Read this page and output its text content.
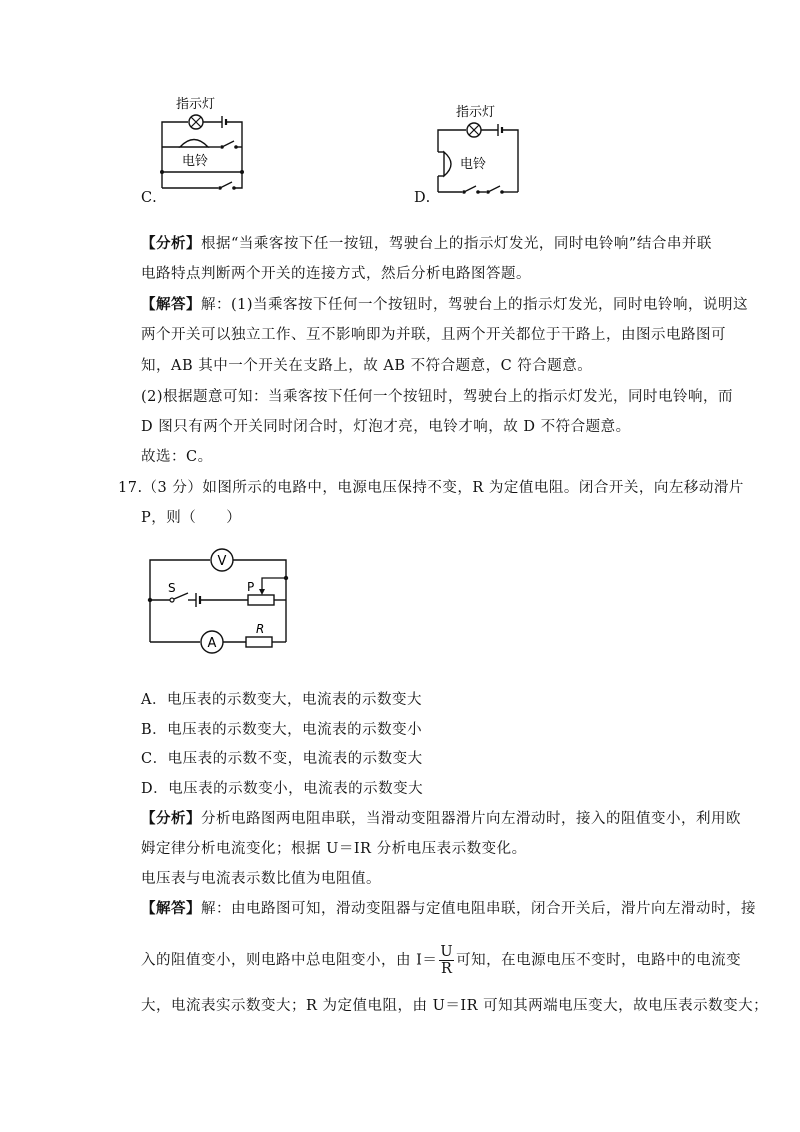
指示灯
电铃
C.
指示灯
电铃
D.
【分析】根据“当乘客按下任一按钮，驾驶台上的指示灯发光，同时电铃响”结合串并联
电路特点判断两个开关的连接方式，然后分析电路图答题。
【解答】解：(1)当乘客按下任何一个按钮时，驾驶台上的指示灯发光，同时电铃响，说明这
两个开关可以独立工作、互不影响即为并联，且两个开关都位于干路上，由图示电路图可
知，AB 其中一个开关在支路上，故 AB 不符合题意，C 符合题意。
(2)根据题意可知：当乘客按下任何一个按钮时，驾驶台上的指示灯发光，同时电铃响，而
D 图只有两个开关同时闭合时，灯泡才亮，电铃才响，故 D 不符合题意。
故选：C。
17.（3 分）如图所示的电路中，电源电压保持不变，R 为定值电阻。闭合开关，向左移动滑片
P，则（　　）
V
S	P
A
R
A．电压表的示数变大，电流表的示数变大
B．电压表的示数变大，电流表的示数变小
C．电压表的示数不变，电流表的示数变大
D．电压表的示数变小，电流表的示数变大
【分析】分析电路图两电阻串联，当滑动变阻器滑片向左滑动时，接入的阻值变小，利用欧
姆定律分析电流变化；根据 U＝IR 分析电压表示数变化。
电压表与电流表示数比值为电阻值。
【解答】解：由电路图可知，滑动变阻器与定值电阻串联，闭合开关后，滑片向左滑动时，接
入的阻值变小，则电路中总电阻变小，由 $I= \frac{U}{R}$ 可知，在电源电压不变时，电路中的电流变
大，电流表实示数变大；R 为定值电阻，由 U＝IR 可知其两端电压变大，故电压表示数变大；
